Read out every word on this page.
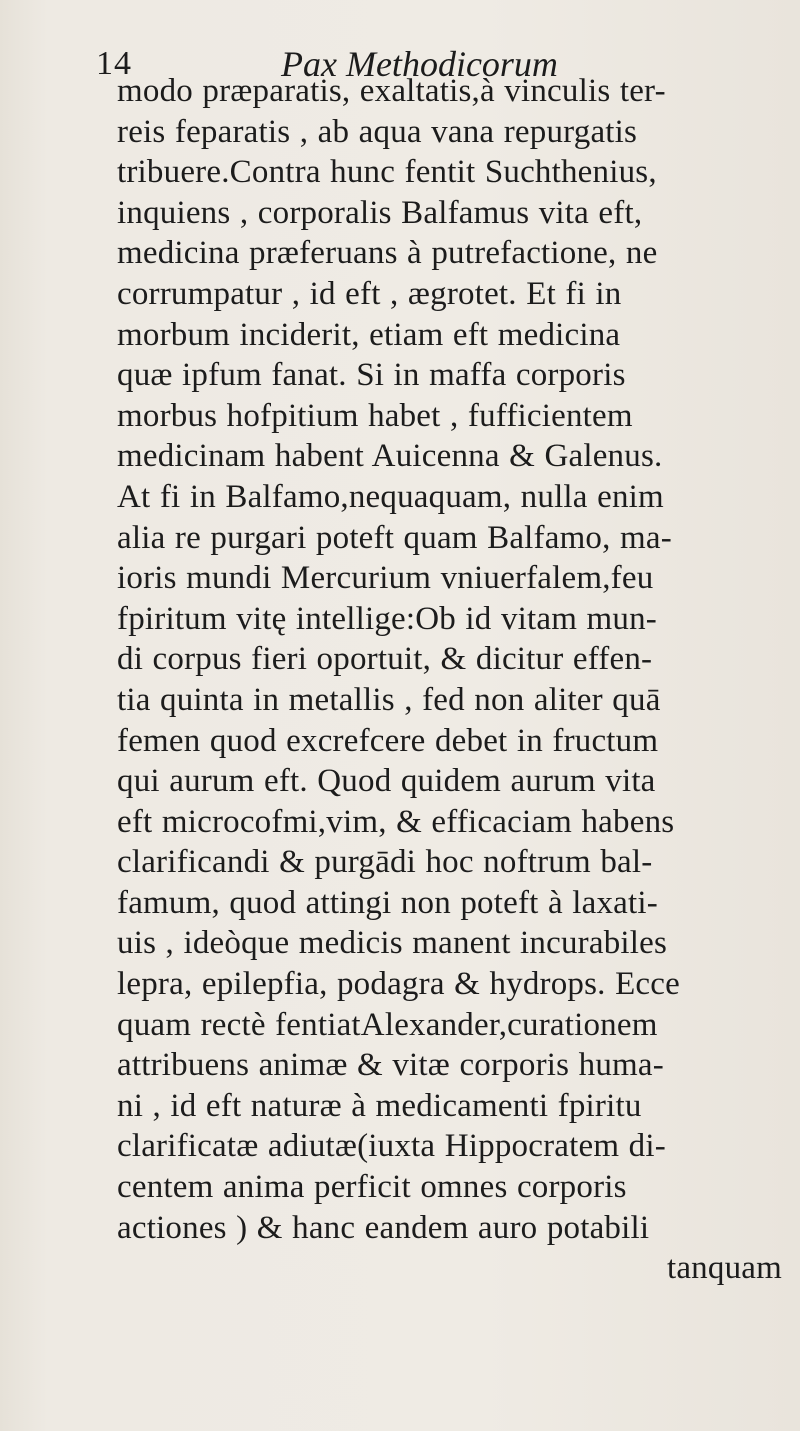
14	Pax Methodicorum
modo præparatis, exaltatis,à vinculis ter-
reis feparatis , ab aqua vana repurgatis
tribuere.Contra hunc fentit Suchthenius,
inquiens , corporalis Balfamus vita eft,
medicina præferuans à putrefactione, ne
corrumpatur , id eft , ægrotet. Et fi in
morbum inciderit, etiam eft medicina
quæ ipfum fanat. Si in maffa corporis
morbus hofpitium habet , fufficientem
medicinam habent Auicenna & Galenus.
At fi in Balfamo,nequaquam, nulla enim
alia re purgari poteft quam Balfamo, ma-
ioris mundi Mercurium vniuerfalem,feu
fpiritum vitę intellige:Ob id vitam mun-
di corpus fieri oportuit, & dicitur effen-
tia quinta in metallis , fed non aliter quā
femen quod excrefcere debet in fructum
qui aurum eft. Quod quidem aurum vita
eft microcofmi,vim, & efficaciam habens
clarificandi & purgādi hoc noftrum bal-
famum, quod attingi non poteft à laxati-
uis , ideòque medicis manent incurabiles
lepra, epilepfia, podagra & hydrops. Ecce
quam rectè fentiatAlexander,curationem
attribuens animæ & vitæ corporis huma-
ni , id eft naturæ à medicamenti fpiritu
clarificatæ adiutæ(iuxta Hippocratem di-
centem anima perficit omnes corporis
actiones ) & hanc eandem auro potabili
tanquam
